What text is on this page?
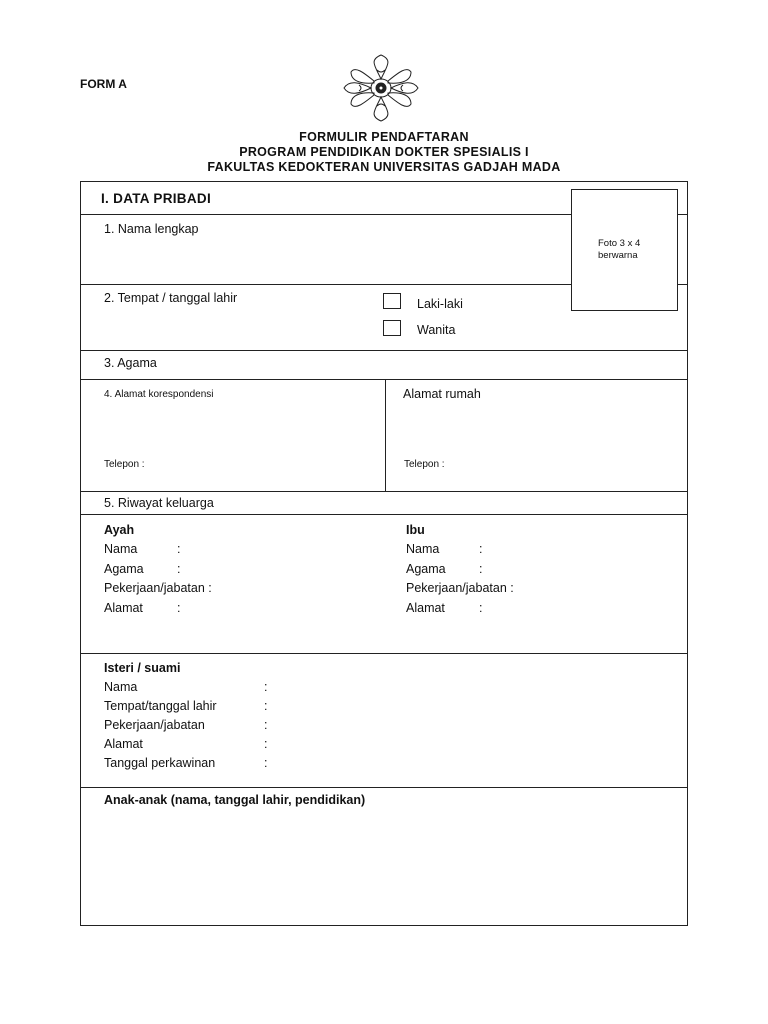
FORM A
FORMULIR PENDAFTARAN
PROGRAM PENDIDIKAN DOKTER SPESIALIS I
FAKULTAS KEDOKTERAN UNIVERSITAS GADJAH MADA
I. DATA PRIBADI
Foto 3 x 4
berwarna
1. Nama lengkap
2. Tempat / tanggal lahir	Laki-laki
Wanita
3. Agama
4. Alamat korespondensi
Telepon :
Alamat rumah
Telepon :
5. Riwayat keluarga
Ayah
Nama	:
Agama	:
Pekerjaan/jabatan :
Alamat	:
Ibu
Nama	:
Agama	:
Pekerjaan/jabatan :
Alamat	:
Isteri / suami
Nama	:
Tempat/tanggal lahir	:
Pekerjaan/jabatan	:
Alamat	:
Tanggal perkawinan	:
Anak-anak (nama, tanggal lahir, pendidikan)
